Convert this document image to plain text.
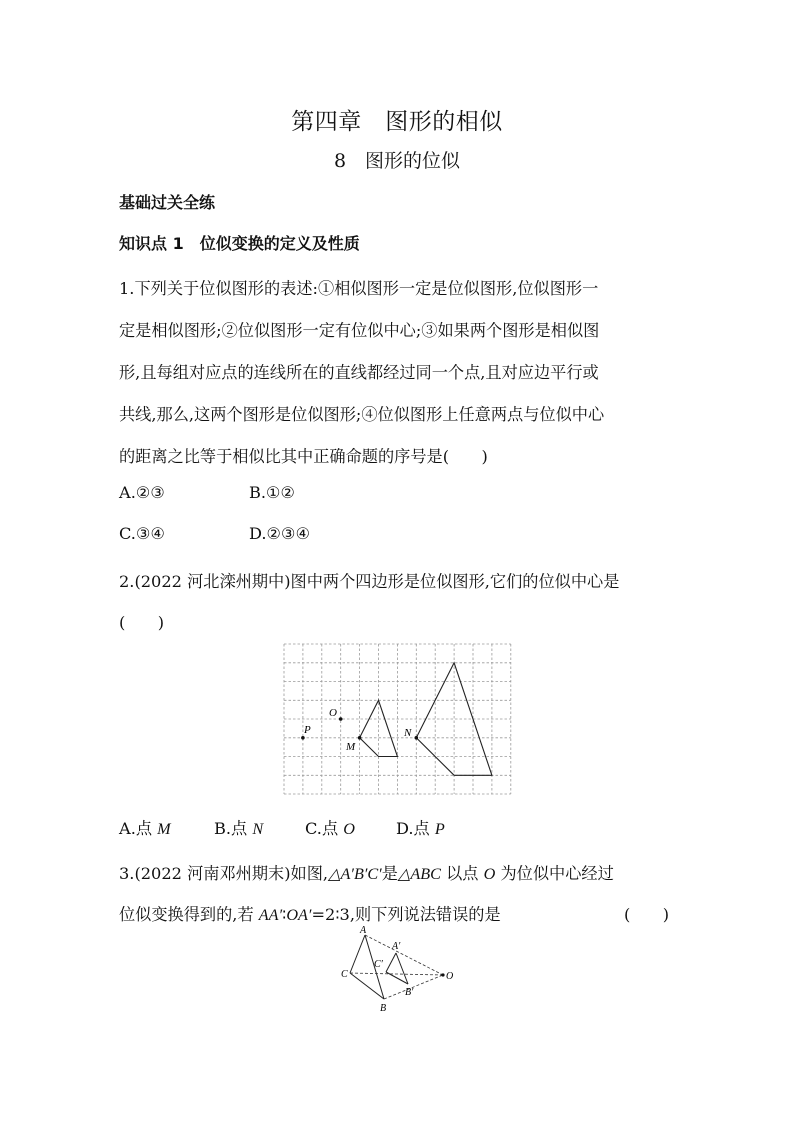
第四章　图形的相似
8　图形的位似
基础过关全练
知识点 1　位似变换的定义及性质
1.下列关于位似图形的表述:①相似图形一定是位似图形,位似图形一
定是相似图形;②位似图形一定有位似中心;③如果两个图形是相似图
形,且每组对应点的连线所在的直线都经过同一个点,且对应边平行或
共线,那么,这两个图形是位似图形;④位似图形上任意两点与位似中心
的距离之比等于相似比其中正确命题的序号是(　　)
A.②③	B.①②
C.③④	D.②③④
2.(2022 河北滦州期中)图中两个四边形是位似图形,它们的位似中心是
(　　)
P
O
M
N
A.点 M	B.点 N	C.点 O	D.点 P
3.(2022 河南邓州期末)如图,△A′B′C′是△ABC 以点 O 为位似中心经过
位似变换得到的,若 AA′∶OA′=2∶3,则下列说法错误的是	(　　)
A
C
B
A′
C′
B′
O
